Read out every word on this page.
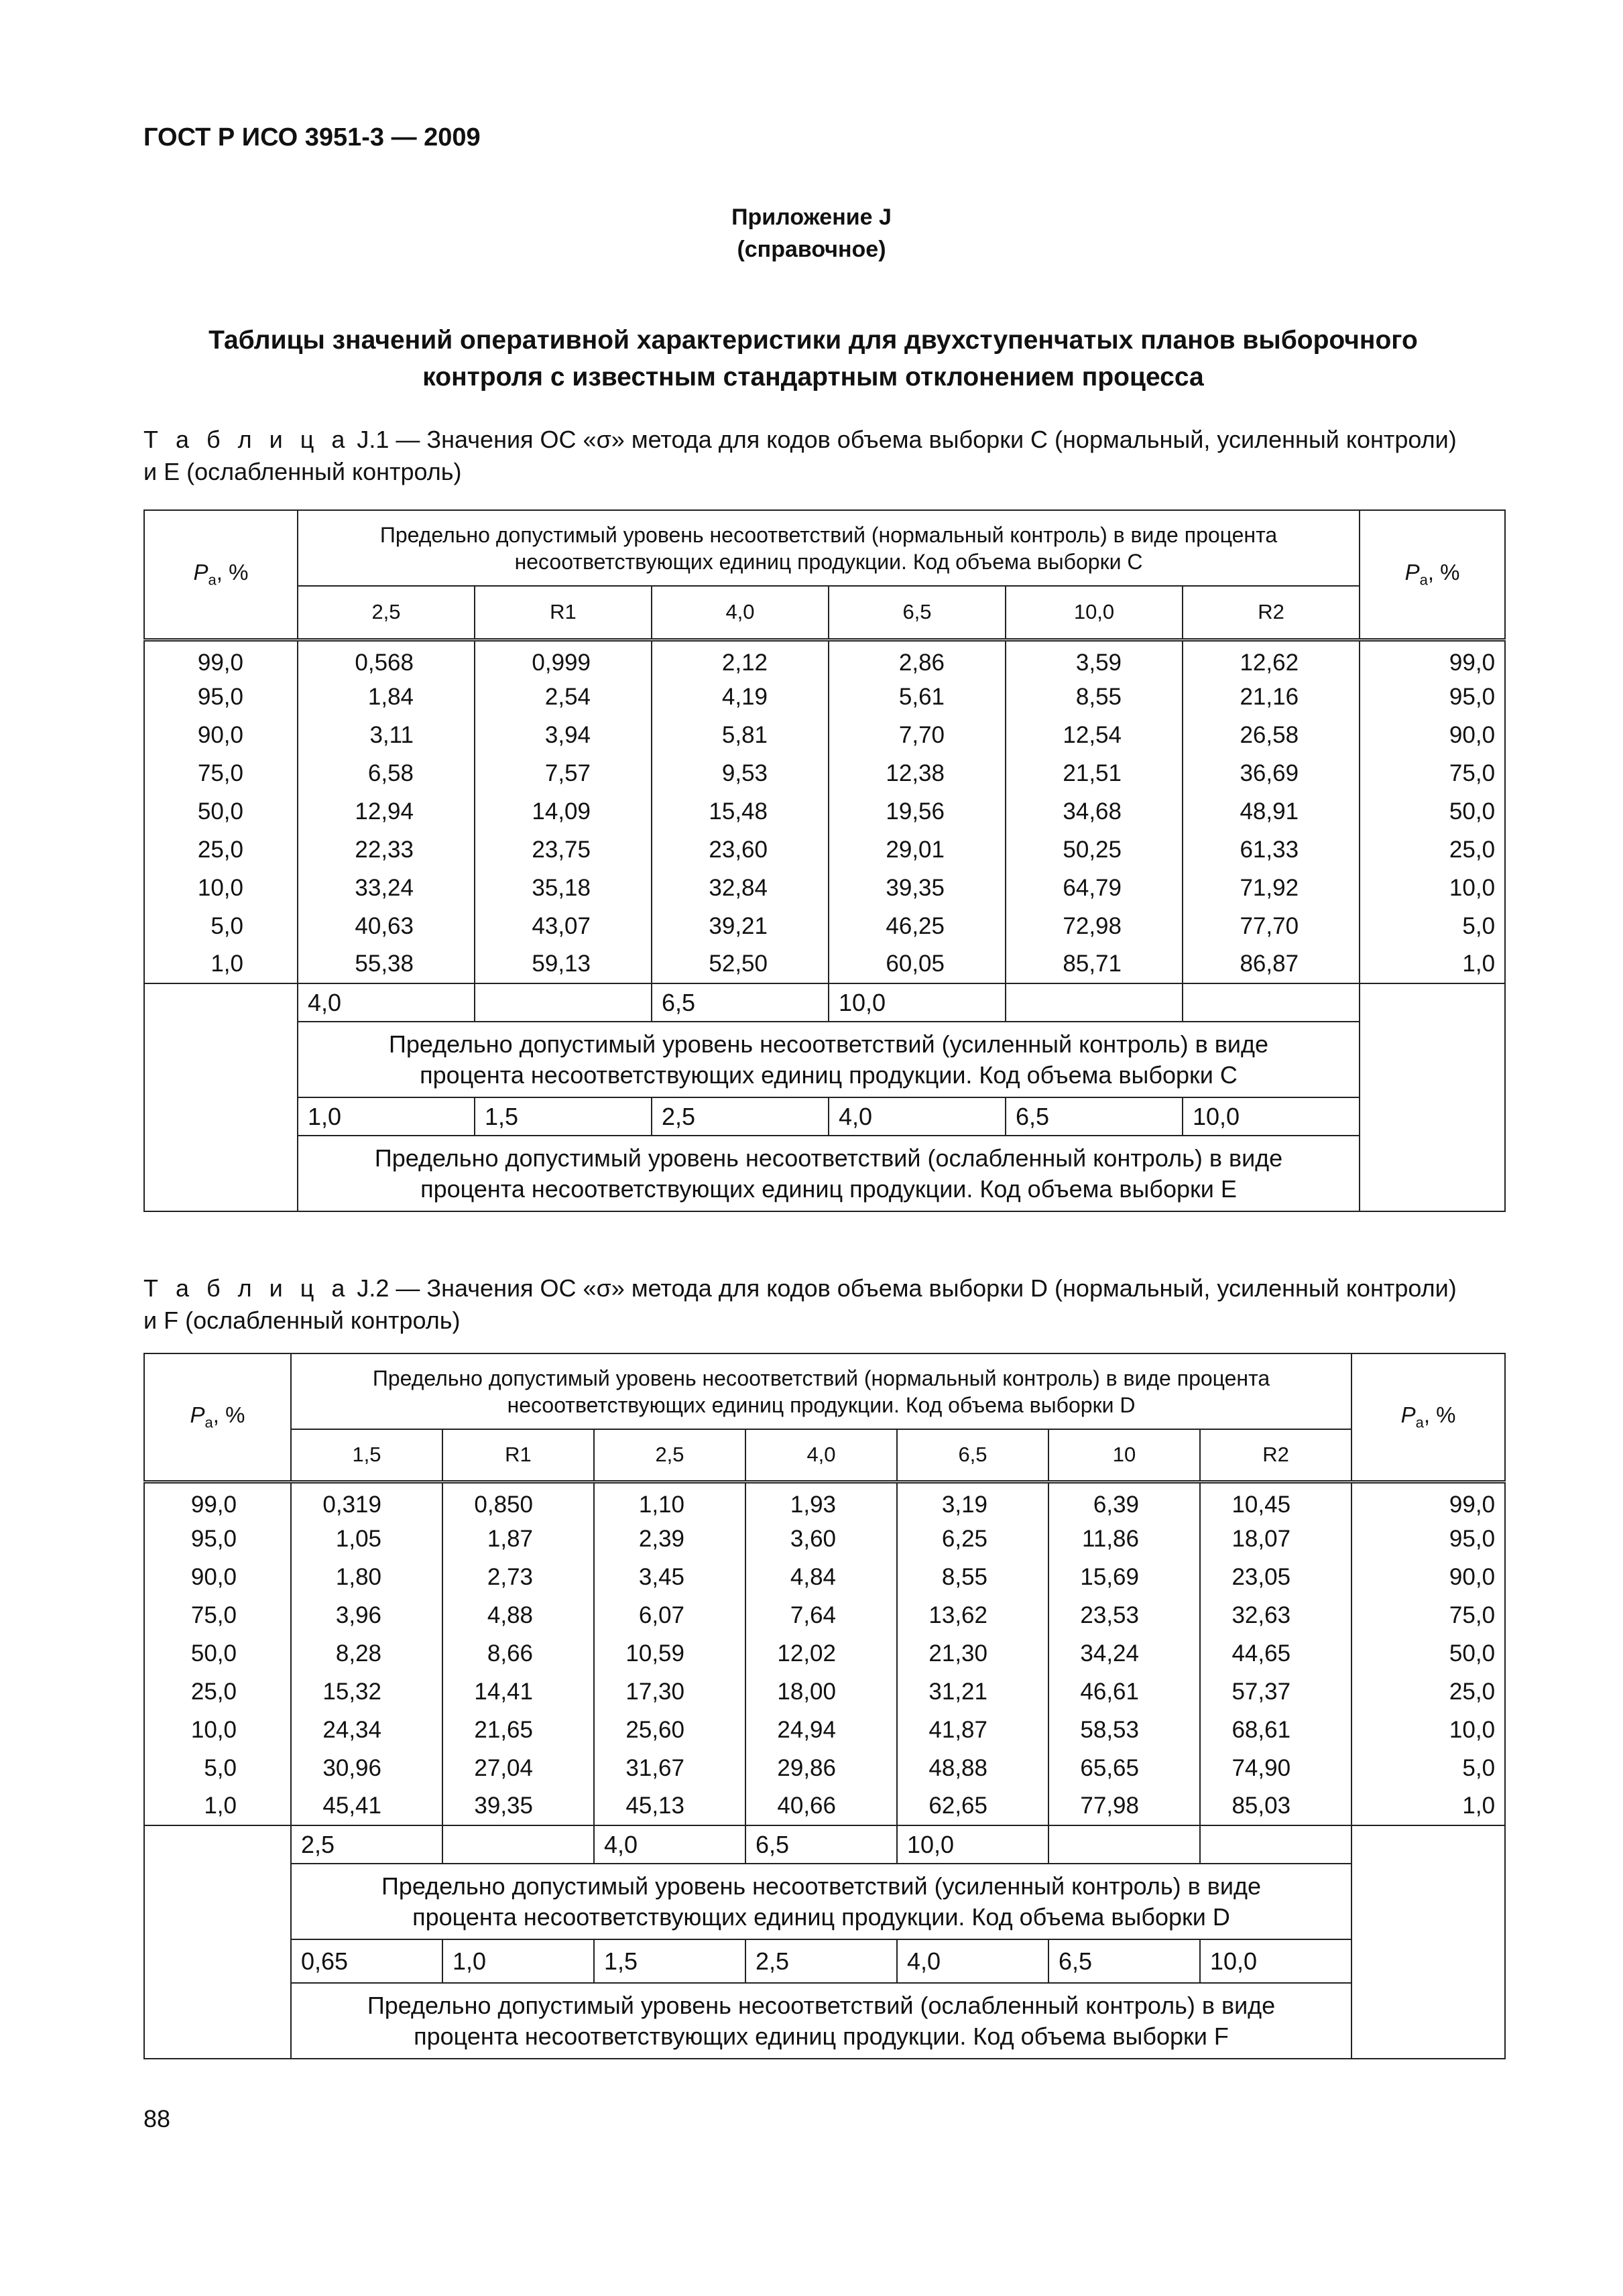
ГОСТ Р ИСО 3951-3 — 2009
Приложение J
(справочное)
Таблицы значений оперативной характеристики для двухступенчатых планов выборочного
контроля с известным стандартным отклонением процесса
Т а б л и ц а J.1 — Значения ОС «σ» метода для кодов объема выборки С (нормальный, усиленный контроли)
и Е (ослабленный контроль)
$P_a$, %	Предельно допустимый уровень несоответствий (нормальный контроль) в виде процента
несоответствующих единиц продукции. Код объема выборки С						$P_a$, %
	2,5	R1	4,0	6,5	10,0	R2	
99,0	0,568	0,999	2,12	2,86	3,59	12,62	99,0
95,0	1,84	2,54	4,19	5,61	8,55	21,16	95,0
90,0	3,11	3,94	5,81	7,70	12,54	26,58	90,0
75,0	6,58	7,57	9,53	12,38	21,51	36,69	75,0
50,0	12,94	14,09	15,48	19,56	34,68	48,91	50,0
25,0	22,33	23,75	23,60	29,01	50,25	61,33	25,0
10,0	33,24	35,18	32,84	39,35	64,79	71,92	10,0
5,0	40,63	43,07	39,21	46,25	72,98	77,70	5,0
1,0	55,38	59,13	52,50	60,05	85,71	86,87	1,0
	4,0		6,5	10,0			

	Предельно допустимый уровень несоответствий (усиленный контроль) в виде
процента несоответствующих единиц продукции. Код объема выборки С						

	1,0	1,5	2,5	4,0	6,5	10,0	

	Предельно допустимый уровень несоответствий (ослабленный контроль) в виде
процента несоответствующих единиц продукции. Код объема выборки Е						
Т а б л и ц а J.2 — Значения ОС «σ» метода для кодов объема выборки D (нормальный, усиленный контроли)
и F (ослабленный контроль)
$P_a$, %	Предельно допустимый уровень несоответствий (нормальный контроль) в виде процента
несоответствующих единиц продукции. Код объема выборки D							$P_a$, %
	1,5	R1	2,5	4,0	6,5	10	R2	
99,0	0,319	0,850	1,10	1,93	3,19	6,39	10,45	99,0
95,0	1,05	1,87	2,39	3,60	6,25	11,86	18,07	95,0
90,0	1,80	2,73	3,45	4,84	8,55	15,69	23,05	90,0
75,0	3,96	4,88	6,07	7,64	13,62	23,53	32,63	75,0
50,0	8,28	8,66	10,59	12,02	21,30	34,24	44,65	50,0
25,0	15,32	14,41	17,30	18,00	31,21	46,61	57,37	25,0
10,0	24,34	21,65	25,60	24,94	41,87	58,53	68,61	10,0
5,0	30,96	27,04	31,67	29,86	48,88	65,65	74,90	5,0
1,0	45,41	39,35	45,13	40,66	62,65	77,98	85,03	1,0
	2,5		4,0	6,5	10,0			

	Предельно допустимый уровень несоответствий (усиленный контроль) в виде
процента несоответствующих единиц продукции. Код объема выборки D							

	0,65	1,0	1,5	2,5	4,0	6,5	10,0	

	Предельно допустимый уровень несоответствий (ослабленный контроль) в виде
процента несоответствующих единиц продукции. Код объема выборки F							
88
